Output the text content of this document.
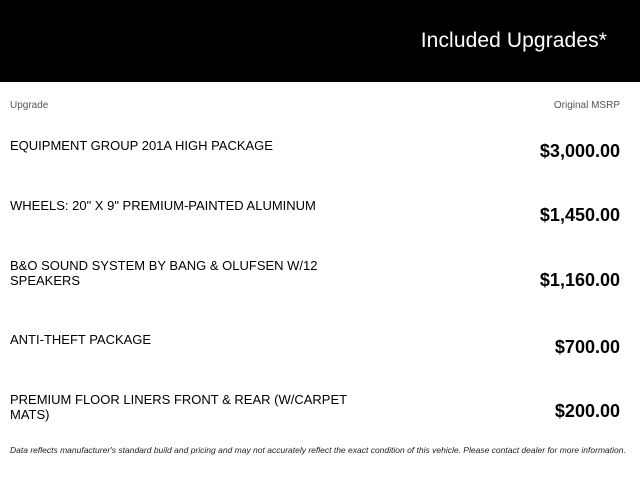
Included Upgrades*
Upgrade	Original MSRP
EQUIPMENT GROUP 201A HIGH PACKAGE	$3,000.00
WHEELS: 20" X 9" PREMIUM-PAINTED ALUMINUM	$1,450.00
B&O SOUND SYSTEM BY BANG & OLUFSEN W/12 SPEAKERS	$1,160.00
ANTI-THEFT PACKAGE	$700.00
PREMIUM FLOOR LINERS FRONT & REAR (W/CARPET MATS)	$200.00
Data reflects manufacturer's standard build and pricing and may not accurately reflect the exact condition of this vehicle. Please contact dealer for more information.
